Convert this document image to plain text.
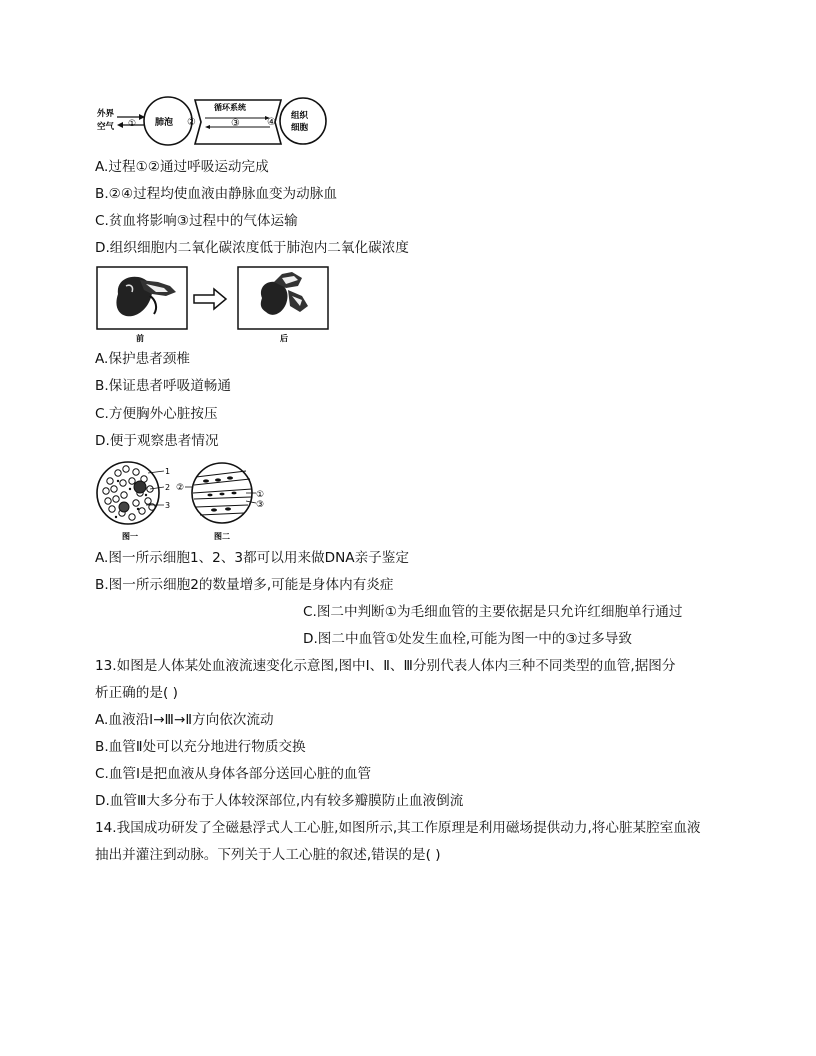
外界
空气 ① 肺泡 ②
循环系统
③	④
组织
细胞
A.过程①②通过呼吸运动完成
B.②④过程均使血液由静脉血变为动脉血
C.贫血将影响③过程中的气体运输
D.组织细胞内二氧化碳浓度低于肺泡内二氧化碳浓度
前	后
A.保护患者颈椎
B.保证患者呼吸道畅通
C.方便胸外心脏按压
D.便于观察患者情况
1
2
3
图一
②
①
③
图二
A.图一所示细胞1、2、3都可以用来做DNA亲子鉴定
B.图一所示细胞2的数量增多,可能是身体内有炎症
C.图二中判断①为毛细血管的主要依据是只允许红细胞单行通过
D.图二中血管①处发生血栓,可能为图一中的③过多导致
13.如图是人体某处血液流速变化示意图,图中Ⅰ、Ⅱ、Ⅲ分别代表人体内三种不同类型的血管,据图分
析正确的是( )
A.血液沿Ⅰ→Ⅲ→Ⅱ方向依次流动
B.血管Ⅱ处可以充分地进行物质交换
C.血管Ⅰ是把血液从身体各部分送回心脏的血管
D.血管Ⅲ大多分布于人体较深部位,内有较多瓣膜防止血液倒流
14.我国成功研发了全磁悬浮式人工心脏,如图所示,其工作原理是利用磁场提供动力,将心脏某腔室血液
抽出并灌注到动脉。下列关于人工心脏的叙述,错误的是( )
